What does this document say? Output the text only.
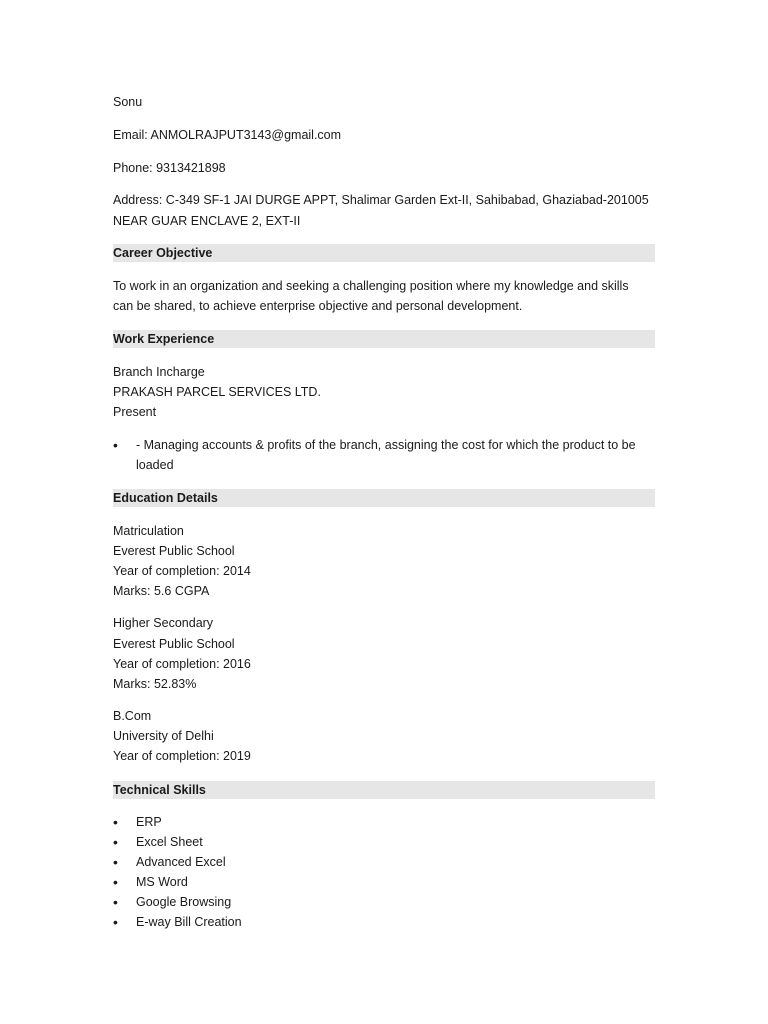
Sonu
Email: ANMOLRAJPUT3143@gmail.com
Phone: 9313421898
Address: C-349 SF-1 JAI DURGE APPT, Shalimar Garden Ext-II, Sahibabad, Ghaziabad-201005
NEAR GUAR ENCLAVE 2, EXT-II
Career Objective
To work in an organization and seeking a challenging position where my knowledge and skills
can be shared, to achieve enterprise objective and personal development.
Work Experience
Branch Incharge
PRAKASH PARCEL SERVICES LTD.
Present
•	- Managing accounts & profits of the branch, assigning the cost for which the product to be
loaded
Education Details
Matriculation
Everest Public School
Year of completion: 2014
Marks: 5.6 CGPA
Higher Secondary
Everest Public School
Year of completion: 2016
Marks: 52.83%
B.Com
University of Delhi
Year of completion: 2019
Technical Skills
•	ERP
•	Excel Sheet
•	Advanced Excel
•	MS Word
•	Google Browsing
•	E-way Bill Creation
